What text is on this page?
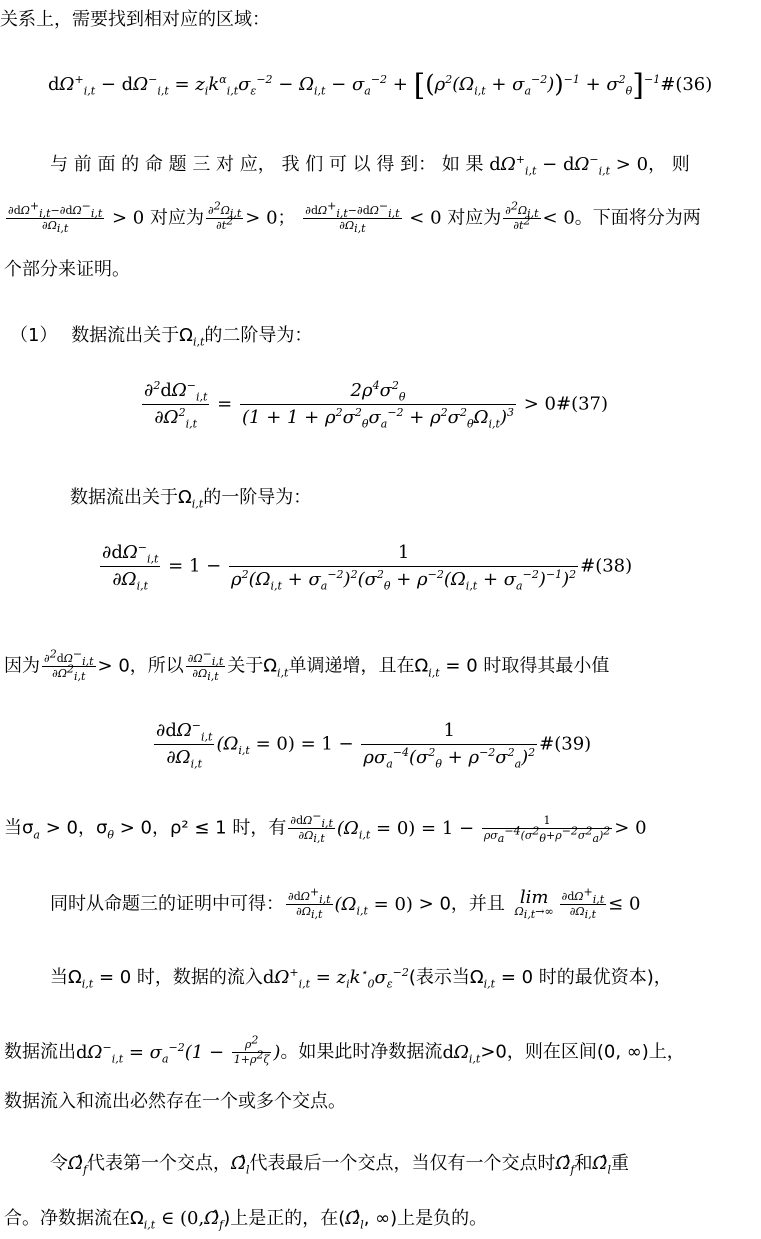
关系上，需要找到相对应的区域：
$d\Omega^+_{i,t} - d\Omega^-_{i,t} = z_ik^\alpha_{i,t}\sigma_\varepsilon^{-2} - \Omega_{i,t} - \sigma_a^{-2} + [(\rho^2(\Omega_{i,t} + \sigma_a^{-2}))^{-1}$ + $\sigma^2_\theta]^{-1}\#(36)$
与 前 面 的 命 题 三 对 应， 我 们 可 以 得 到： 如 果 $d\Omega^+_{i,t} - d\Omega^-_{i,t} > 0$， 则
$\frac{\partial d\Omega^+_{i,t}-\partial d\Omega^-_{i,t}}{\partial\Omega_{i,t}} > 0$ 对应为 $\frac{\partial^2\Omega_{i,t}}{\partial t^2} > 0$； $\frac{\partial d\Omega^+_{i,t}-\partial d\Omega^-_{i,t}}{\partial\Omega_{i,t}} < 0$ 对应为 $\frac{\partial^2\Omega_{i,t}}{\partial t^2} < 0$。下面将分为两
个部分来证明。
（1） 数据流出关于$\Omega_{i,t}$的二阶导为：
$\frac{\partial^2d\Omega^-_{i,t}}{\partial\Omega^2_{i,t}} = \frac{2\rho^4\sigma^2_\theta}{(1 + 1 + \rho^2\sigma^2_\theta\sigma_a^{-2} + \rho^2\sigma^2_\theta\Omega_{i,t})^3}$ > 0#(37)
数据流出关于$\Omega_{i,t}$的一阶导为：
$\frac{\partial d\Omega^-_{i,t}}{\partial\Omega_{i,t}} = 1 - \frac{1}{\rho^2(\Omega_{i,t} + \sigma_a^{-2})^2(\sigma^2_\theta + \rho^{-2}(\Omega_{i,t} + \sigma_a^{-2})^{-1})^2}$ #(38)
因为 $\frac{\partial^2d\Omega^-_{i,t}}{\partial\Omega^2_{i,t}} > 0$，所以 $\frac{\partial\Omega^-_{i,t}}{\partial\Omega_{i,t}}$ 关于$\Omega_{i,t}$单调递增，且在$\Omega_{i,t} = 0$ 时取得其最小值
$\frac{\partial d\Omega^-_{i,t}}{\partial\Omega_{i,t}} (\Omega_{i,t} = 0) = 1 - \frac{1}{\rho\sigma_a^{-4}(\sigma^2_\theta + \rho^{-2}\sigma^2_a)^2}$ #(39)
当$\sigma_a > 0$，$\sigma_\theta > 0$，ρ² ≤ 1 时，有 $\frac{\partial d\Omega^-_{i,t}}{\partial\Omega_{i,t}} (\Omega_{i,t} = 0) = 1 - \frac{1}{\rho\sigma_a^{-4}(\sigma^2_\theta+\rho^{-2}\sigma^2_a)^2} > 0$
同时从命题三的证明中可得： $\frac{\partial d\Omega^+_{i,t}}{\partial\Omega_{i,t}} (\Omega_{i,t} = 0) > 0$，并且 lim
$\Omega_{i,t}\to\infty \frac{\partial d\Omega^+_{i,t}}{\partial\Omega_{i,t}} \le 0$
当$\Omega_{i,t} = 0$ 时，数据的流入$d\Omega^+_{i,t} = z_ik^⋆_0\sigma_\varepsilon^{-2}$(表示当$\Omega_{i,t} = 0$ 时的最优资本)，
数据流出$d\Omega^-_{i,t} = \sigma_a^{-2}(1 - \frac{\rho^2}{1+\rho^2\zeta}$ )。如果此时净数据流$d\Omega_{i,t}>0$，则在区间(0, ∞)上，
数据流入和流出必然存在一个或多个交点。
令$\Omegâ_f$代表第一个交点，$\Omegâ_l$代表最后一个交点，当仅有一个交点时$\Omegâ_f$和$\Omegâ_l$重
合。净数据流在$\Omega_{i,t}$ ∈ $(0,\Omegâ_f)$上是正的，在($\Omegâ_l$, ∞)上是负的。
